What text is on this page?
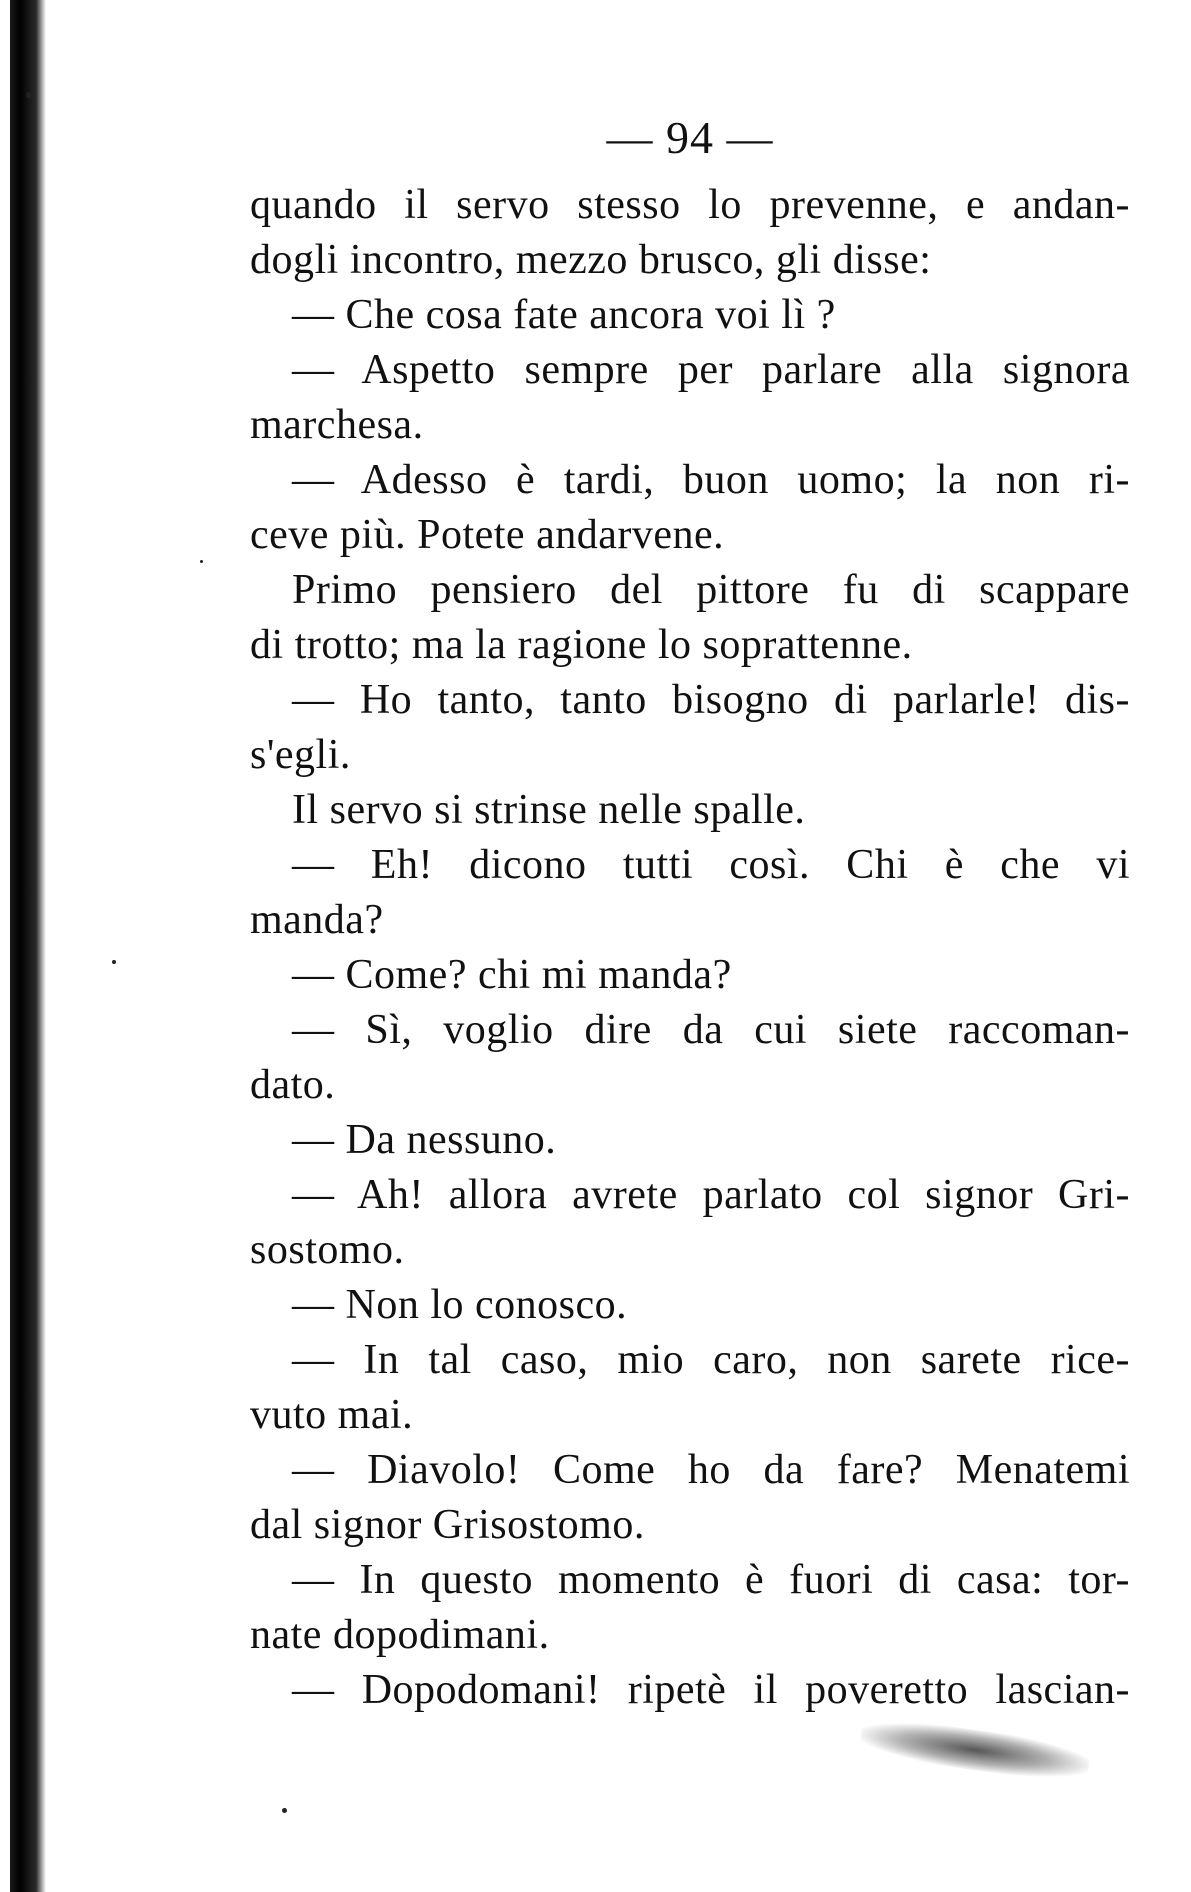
— 94 —
quando il servo stesso lo prevenne, e andan-
dogli incontro, mezzo brusco, gli disse:
— Che cosa fate ancora voi lì ?
— Aspetto sempre per parlare alla signora
marchesa.
— Adesso è tardi, buon uomo; la non ri-
ceve più. Potete andarvene.
Primo pensiero del pittore fu di scappare
di trotto; ma la ragione lo soprattenne.
— Ho tanto, tanto bisogno di parlarle! dis-
s'egli.
Il servo si strinse nelle spalle.
— Eh! dicono tutti così. Chi è che vi
manda?
— Come? chi mi manda?
— Sì, voglio dire da cui siete raccoman-
dato.
— Da nessuno.
— Ah! allora avrete parlato col signor Gri-
sostomo.
— Non lo conosco.
— In tal caso, mio caro, non sarete rice-
vuto mai.
— Diavolo! Come ho da fare? Menatemi
dal signor Grisostomo.
— In questo momento è fuori di casa: tor-
nate dopodimani.
— Dopodomani! ripetè il poveretto lascian-
